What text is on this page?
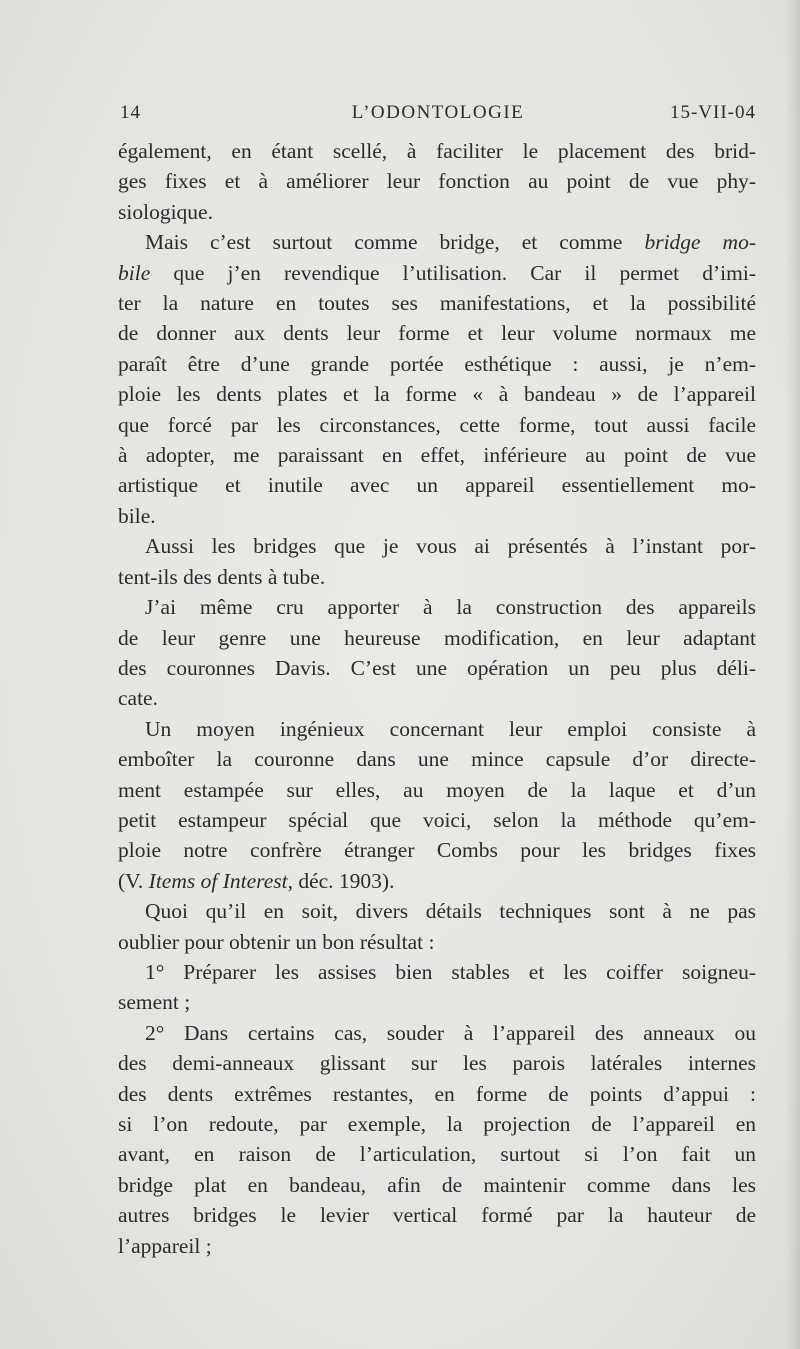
14	L’ODONTOLOGIE	15-VII-04

également, en étant scellé, à faciliter le placement des brid-
ges fixes et à améliorer leur fonction au point de vue phy-
siologique.

Mais c’est surtout comme bridge, et comme bridge mo-
bile que j’en revendique l’utilisation. Car il permet d’imi-
ter la nature en toutes ses manifestations, et la possibilité
de donner aux dents leur forme et leur volume normaux me
paraît être d’une grande portée esthétique : aussi, je n’em-
ploie les dents plates et la forme « à bandeau » de l’appareil
que forcé par les circonstances, cette forme, tout aussi facile
à adopter, me paraissant en effet, inférieure au point de vue
artistique et inutile avec un appareil essentiellement mo-
bile.

Aussi les bridges que je vous ai présentés à l’instant por-
tent-ils des dents à tube.

J’ai même cru apporter à la construction des appareils
de leur genre une heureuse modification, en leur adaptant
des couronnes Davis. C’est une opération un peu plus déli-
cate.

Un moyen ingénieux concernant leur emploi consiste à
emboîter la couronne dans une mince capsule d’or directe-
ment estampée sur elles, au moyen de la laque et d’un
petit estampeur spécial que voici, selon la méthode qu’em-
ploie notre confrère étranger Combs pour les bridges fixes
(V. Items of Interest, déc. 1903).

Quoi qu’il en soit, divers détails techniques sont à ne pas
oublier pour obtenir un bon résultat :

1° Préparer les assises bien stables et les coiffer soigneu-
sement ;

2° Dans certains cas, souder à l’appareil des anneaux ou
des demi-anneaux glissant sur les parois latérales internes
des dents extrêmes restantes, en forme de points d’appui :
si l’on redoute, par exemple, la projection de l’appareil en
avant, en raison de l’articulation, surtout si l’on fait un
bridge plat en bandeau, afin de maintenir comme dans les
autres bridges le levier vertical formé par la hauteur de
l’appareil ;
